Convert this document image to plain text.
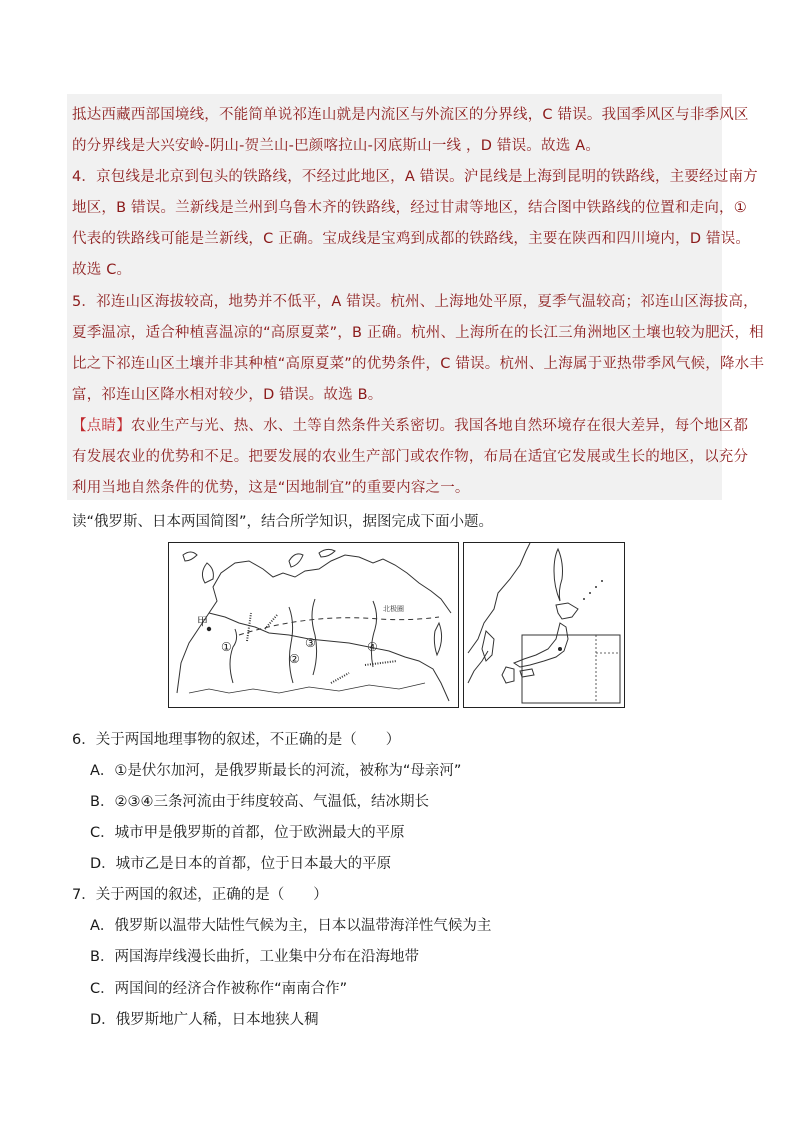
抵达西藏西部国境线，不能简单说祁连山就是内流区与外流区的分界线，C 错误。我国季风区与非季风区
的分界线是大兴安岭-阴山-贺兰山-巴颜喀拉山-冈底斯山一线 ，D 错误。故选 A。
4．京包线是北京到包头的铁路线，不经过此地区，A 错误。沪昆线是上海到昆明的铁路线，主要经过南方
地区，B 错误。兰新线是兰州到乌鲁木齐的铁路线，经过甘肃等地区，结合图中铁路线的位置和走向，①
代表的铁路线可能是兰新线，C 正确。宝成线是宝鸡到成都的铁路线，主要在陕西和四川境内，D 错误。
故选 C。
5．祁连山区海拔较高，地势并不低平，A 错误。杭州、上海地处平原，夏季气温较高；祁连山区海拔高，
夏季温凉，适合种植喜温凉的“高原夏菜”，B 正确。杭州、上海所在的长江三角洲地区土壤也较为肥沃，相
比之下祁连山区土壤并非其种植“高原夏菜”的优势条件，C 错误。杭州、上海属于亚热带季风气候，降水丰
富，祁连山区降水相对较少，D 错误。故选 B。
【点睛】农业生产与光、热、水、土等自然条件关系密切。我国各地自然环境存在很大差异，每个地区都
有发展农业的优势和不足。把要发展的农业生产部门或农作物，布局在适宜它发展或生长的地区，以充分
利用当地自然条件的优势，这是“因地制宜”的重要内容之一。
读“俄罗斯、日本两国简图”，结合所学知识，据图完成下面小题。
北极圈
甲
①
②
③	④
6．关于两国地理事物的叙述，不正确的是（　　）
A．①是伏尔加河，是俄罗斯最长的河流，被称为“母亲河”
B．②③④三条河流由于纬度较高、气温低，结冰期长
C．城市甲是俄罗斯的首都，位于欧洲最大的平原
D．城市乙是日本的首都，位于日本最大的平原
7．关于两国的叙述，正确的是（　　）
A．俄罗斯以温带大陆性气候为主，日本以温带海洋性气候为主
B．两国海岸线漫长曲折，工业集中分布在沿海地带
C．两国间的经济合作被称作“南南合作”
D．俄罗斯地广人稀，日本地狭人稠
